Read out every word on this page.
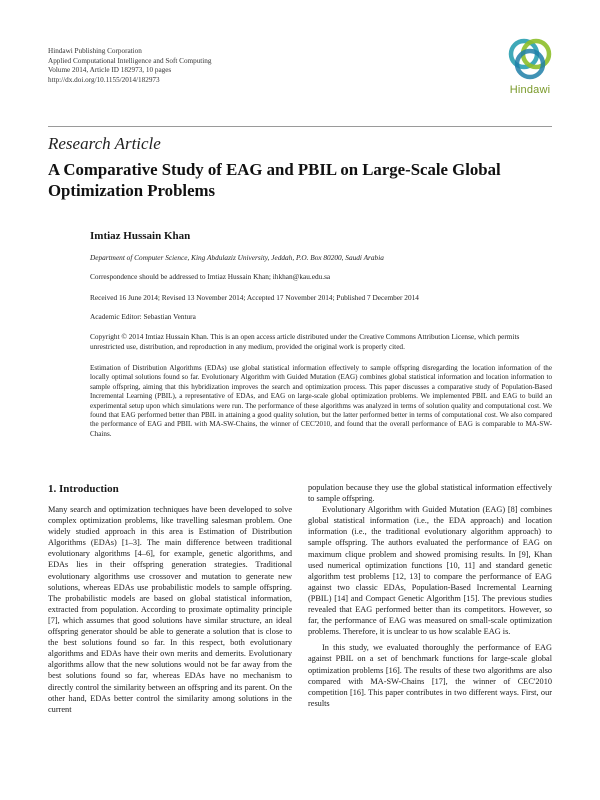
Hindawi Publishing Corporation
Applied Computational Intelligence and Soft Computing
Volume 2014, Article ID 182973, 10 pages
http://dx.doi.org/10.1155/2014/182973
Hindawi
Research Article
A Comparative Study of EAG and PBIL on Large-Scale Global Optimization Problems
Imtiaz Hussain Khan
Department of Computer Science, King Abdulaziz University, Jeddah, P.O. Box 80200, Saudi Arabia
Correspondence should be addressed to Imtiaz Hussain Khan; ihkhan@kau.edu.sa
Received 16 June 2014; Revised 13 November 2014; Accepted 17 November 2014; Published 7 December 2014
Academic Editor: Sebastian Ventura
Copyright © 2014 Imtiaz Hussain Khan. This is an open access article distributed under the Creative Commons Attribution License, which permits unrestricted use, distribution, and reproduction in any medium, provided the original work is properly cited.
Estimation of Distribution Algorithms (EDAs) use global statistical information effectively to sample offspring disregarding the location information of the locally optimal solutions found so far. Evolutionary Algorithm with Guided Mutation (EAG) combines global statistical information and location information to sample offspring, aiming that this hybridization improves the search and optimization process. This paper discusses a comparative study of Population-Based Incremental Learning (PBIL), a representative of EDAs, and EAG on large-scale global optimization problems. We implemented PBIL and EAG to build an experimental setup upon which simulations were run. The performance of these algorithms was analyzed in terms of solution quality and computational cost. We found that EAG performed better than PBIL in attaining a good quality solution, but the latter performed better in terms of computational cost. We also compared the performance of EAG and PBIL with MA-SW-Chains, the winner of CEC'2010, and found that the overall performance of EAG is comparable to MA-SW-Chains.
1. Introduction

Many search and optimization techniques have been developed to solve complex optimization problems, like travelling salesman problem. One widely studied approach in this area is Estimation of Distribution Algorithms (EDAs) [1–3]. The main difference between traditional evolutionary algorithms [4–6], for example, genetic algorithms, and EDAs lies in their offspring generation strategies. Traditional evolutionary algorithms use crossover and mutation to generate new solutions, whereas EDAs use probabilistic models to sample offspring. The probabilistic models are based on global statistical information, extracted from population. According to proximate optimality principle [7], which assumes that good solutions have similar structure, an ideal offspring generator should be able to generate a solution that is close to the best solutions found so far. In this respect, both evolutionary algorithms and EDAs have their own merits and demerits. Evolutionary algorithms allow that the new solutions would not be far away from the best solutions found so far, whereas EDAs have no mechanism to directly control the similarity between an offspring and its parent. On the other hand, EDAs better control the similarity among solutions in the current

population because they use the global statistical information effectively to sample offspring.

Evolutionary Algorithm with Guided Mutation (EAG) [8] combines global statistical information (i.e., the EDA approach) and location information (i.e., the traditional evolutionary algorithm approach) to sample offspring. The authors evaluated the performance of EAG on maximum clique problem and showed promising results. In [9], Khan used numerical optimization functions [10, 11] and standard genetic algorithm test problems [12, 13] to compare the performance of EAG against two classic EDAs, Population-Based Incremental Learning (PBIL) [14] and Compact Genetic Algorithm [15]. The previous studies revealed that EAG performed better than its competitors. However, so far, the performance of EAG was measured on small-scale optimization problems. Therefore, it is unclear to us how scalable EAG is.

In this study, we evaluated thoroughly the performance of EAG against PBIL on a set of benchmark functions for large-scale global optimization problems [16]. The results of these two algorithms are also compared with MA-SW-Chains [17], the winner of CEC'2010 competition [16]. This paper contributes in two different ways. First, our results
